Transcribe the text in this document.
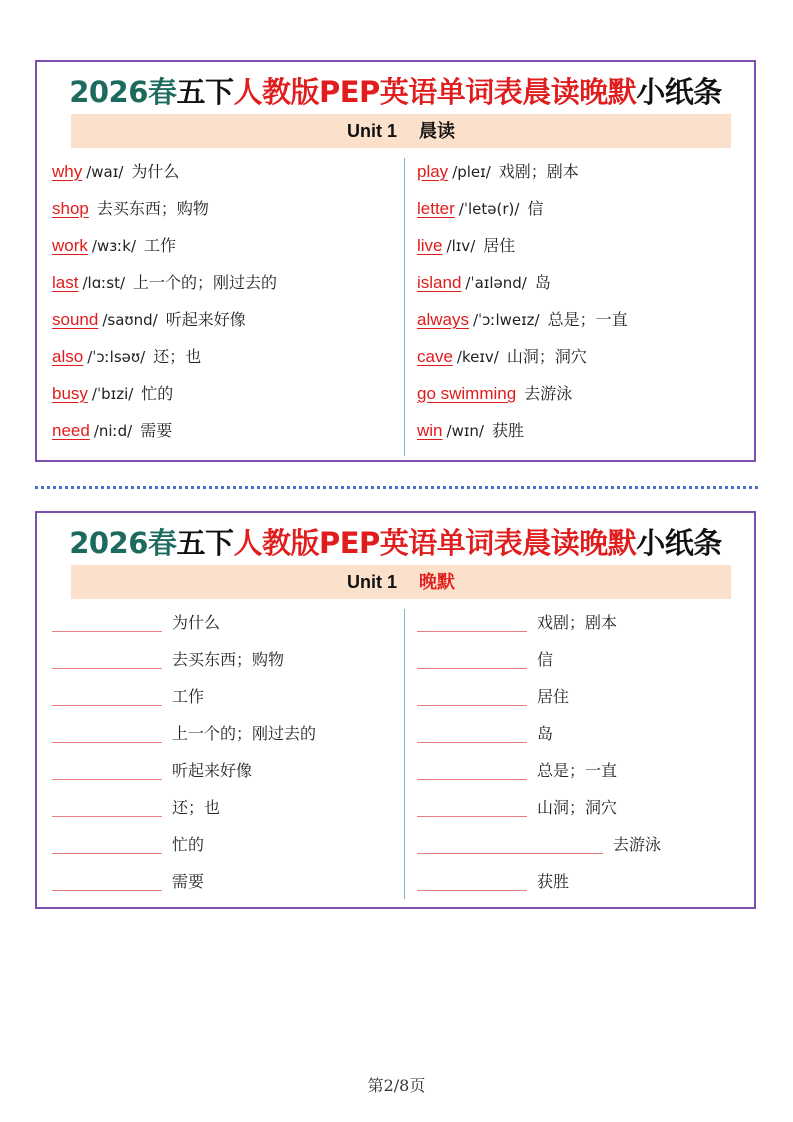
2026春五下人教版PEP英语单词表晨读晚默小纸条
Unit 1 晨读
why /waɪ/ 为什么
shop 去买东西；购物
work /wɜːk/ 工作
last /lɑːst/ 上一个的；刚过去的
sound /saʊnd/ 听起来好像
also /ˈɔːlsəʊ/ 还；也
busy /ˈbɪzi/ 忙的
need /niːd/ 需要
play /pleɪ/ 戏剧；剧本
letter /ˈletə(r)/ 信
live /lɪv/ 居住
island /ˈaɪlənd/ 岛
always /ˈɔːlweɪz/ 总是；一直
cave /keɪv/ 山洞；洞穴
go swimming 去游泳
win /wɪn/ 获胜
2026春五下人教版PEP英语单词表晨读晚默小纸条
Unit 1 晚默
为什么
去买东西；购物
工作
上一个的；刚过去的
听起来好像
还；也
忙的
需要
戏剧；剧本
信
居住
岛
总是；一直
山洞；洞穴
去游泳
获胜
第2/8页
